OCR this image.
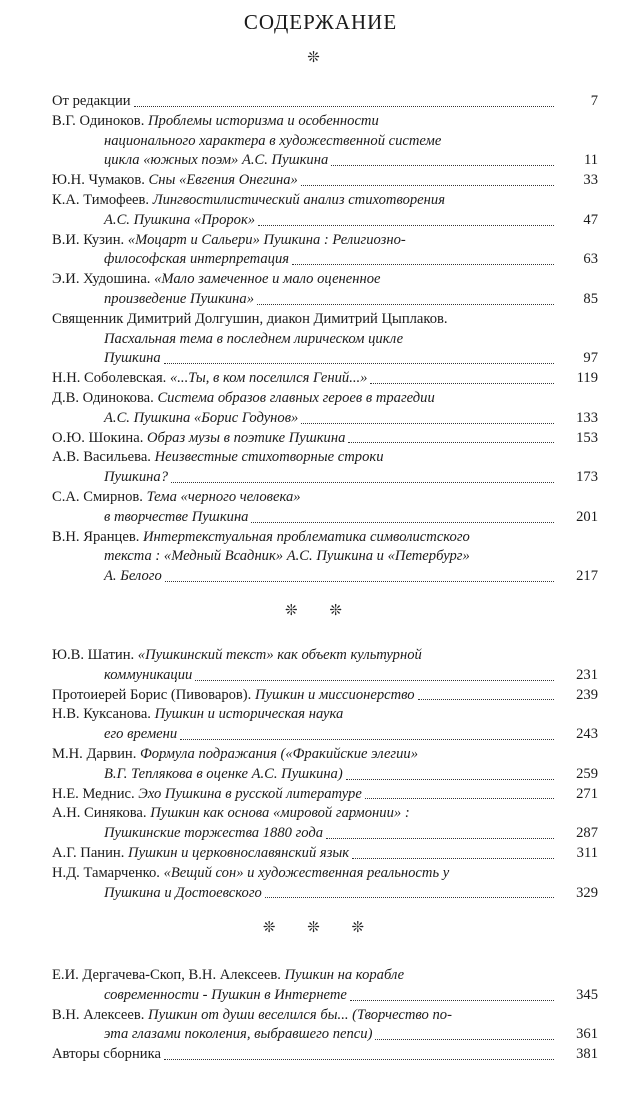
СОДЕРЖАНИЕ
❊
От редакции	7
В.Г. Одиноков. Проблемы историзма и особенности
национального характера в художественной системе
цикла «южных поэм» А.С. Пушкина	11
Ю.Н. Чумаков. Сны «Евгения Онегина»	33
К.А. Тимофеев. Лингвостилистический анализ стихотворения
А.С. Пушкина «Пророк»	47
В.И. Кузин. «Моцарт и Сальери» Пушкина : Религиозно-
философская интерпретация	63
Э.И. Худошина. «Мало замеченное и мало оцененное
произведение Пушкина»	85
Священник Димитрий Долгушин, диакон Димитрий Цыплаков.
Пасхальная тема в последнем лирическом цикле
Пушкина	97
Н.Н. Соболевская. «...Ты, в ком поселился Гений...»	119
Д.В. Одинокова. Система образов главных героев в трагедии
А.С. Пушкина «Борис Годунов»	133
О.Ю. Шокина. Образ музы в поэтике Пушкина	153
А.В. Васильева. Неизвестные стихотворные строки
Пушкина?	173
С.А. Смирнов. Тема «черного человека»
в творчестве Пушкина	201
В.Н. Яранцев. Интертекстуальная проблематика символистского
текста : «Медный Всадник» А.С. Пушкина и «Петербург»
А. Белого	217
❊ ❊
Ю.В. Шатин. «Пушкинский текст» как объект культурной
коммуникации	231
Протоиерей Борис (Пивоваров). Пушкин и миссионерство	239
Н.В. Куксанова. Пушкин и историческая наука
его времени	243
М.Н. Дарвин. Формула подражания («Фракийские элегии»
В.Г. Теплякова в оценке А.С. Пушкина)	259
Н.Е. Меднис. Эхо Пушкина в русской литературе	271
А.Н. Синякова. Пушкин как основа «мировой гармонии» :
Пушкинские торжества 1880 года	287
А.Г. Панин. Пушкин и церковнославянский язык	311
Н.Д. Тамарченко. «Вещий сон» и художественная реальность у
Пушкина и Достоевского	329
❊ ❊ ❊
Е.И. Дергачева-Скоп, В.Н. Алексеев. Пушкин на корабле
современности - Пушкин в Интернете	345
В.Н. Алексеев. Пушкин от души веселился бы... (Творчество по-
эта глазами поколения, выбравшего пепси)	361
Авторы сборника	381
